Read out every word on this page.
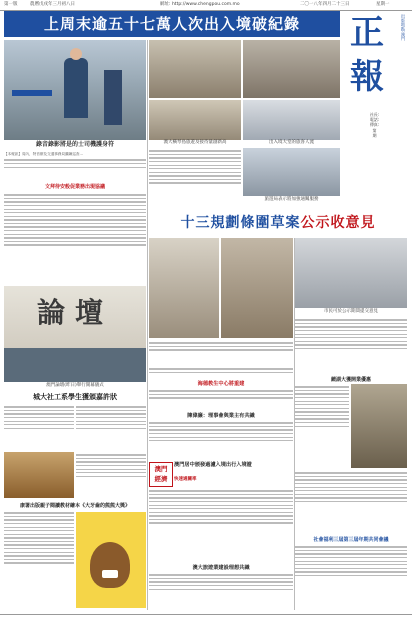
第一版	農曆戊戌年三月初八日	網址: http://www.chengpou.com.mo	二〇一八年四月二十三日	星期一
上周末逾五十七萬人次出入境破紀錄	正
報
出版地點:澳門
社長:
電話:
傳真:
第
期
錄音錄影將是的士司機護身符
【本報訊】周內，特首辦及交通事務局繼續巡查...
文拜待安般促業務出現協議
澳大橫琴島旅遊及接待量創新高	出入境大堂的旅客人流
旅遊局表示將加強通關服務
十三規劃條圍草案公示收意見
市民可於公示期間提交意見
論壇
澳門論壇(昨日)舉行開幕儀式
城大社工系學生獲頒嘉許狀
康署出版親子閱讀教材繪本《大牙齒的熊熊大獎》
海德教生中心將重建
陳偉廉：理事會與業主有共識
鏡湖大獲開業優惠
澳門
經濟
澳門居中頒發過濾入境出行入境證
快速通關率
澳大旅遊業建設理想共識
社會福利三屆第三屆年期共同會議
